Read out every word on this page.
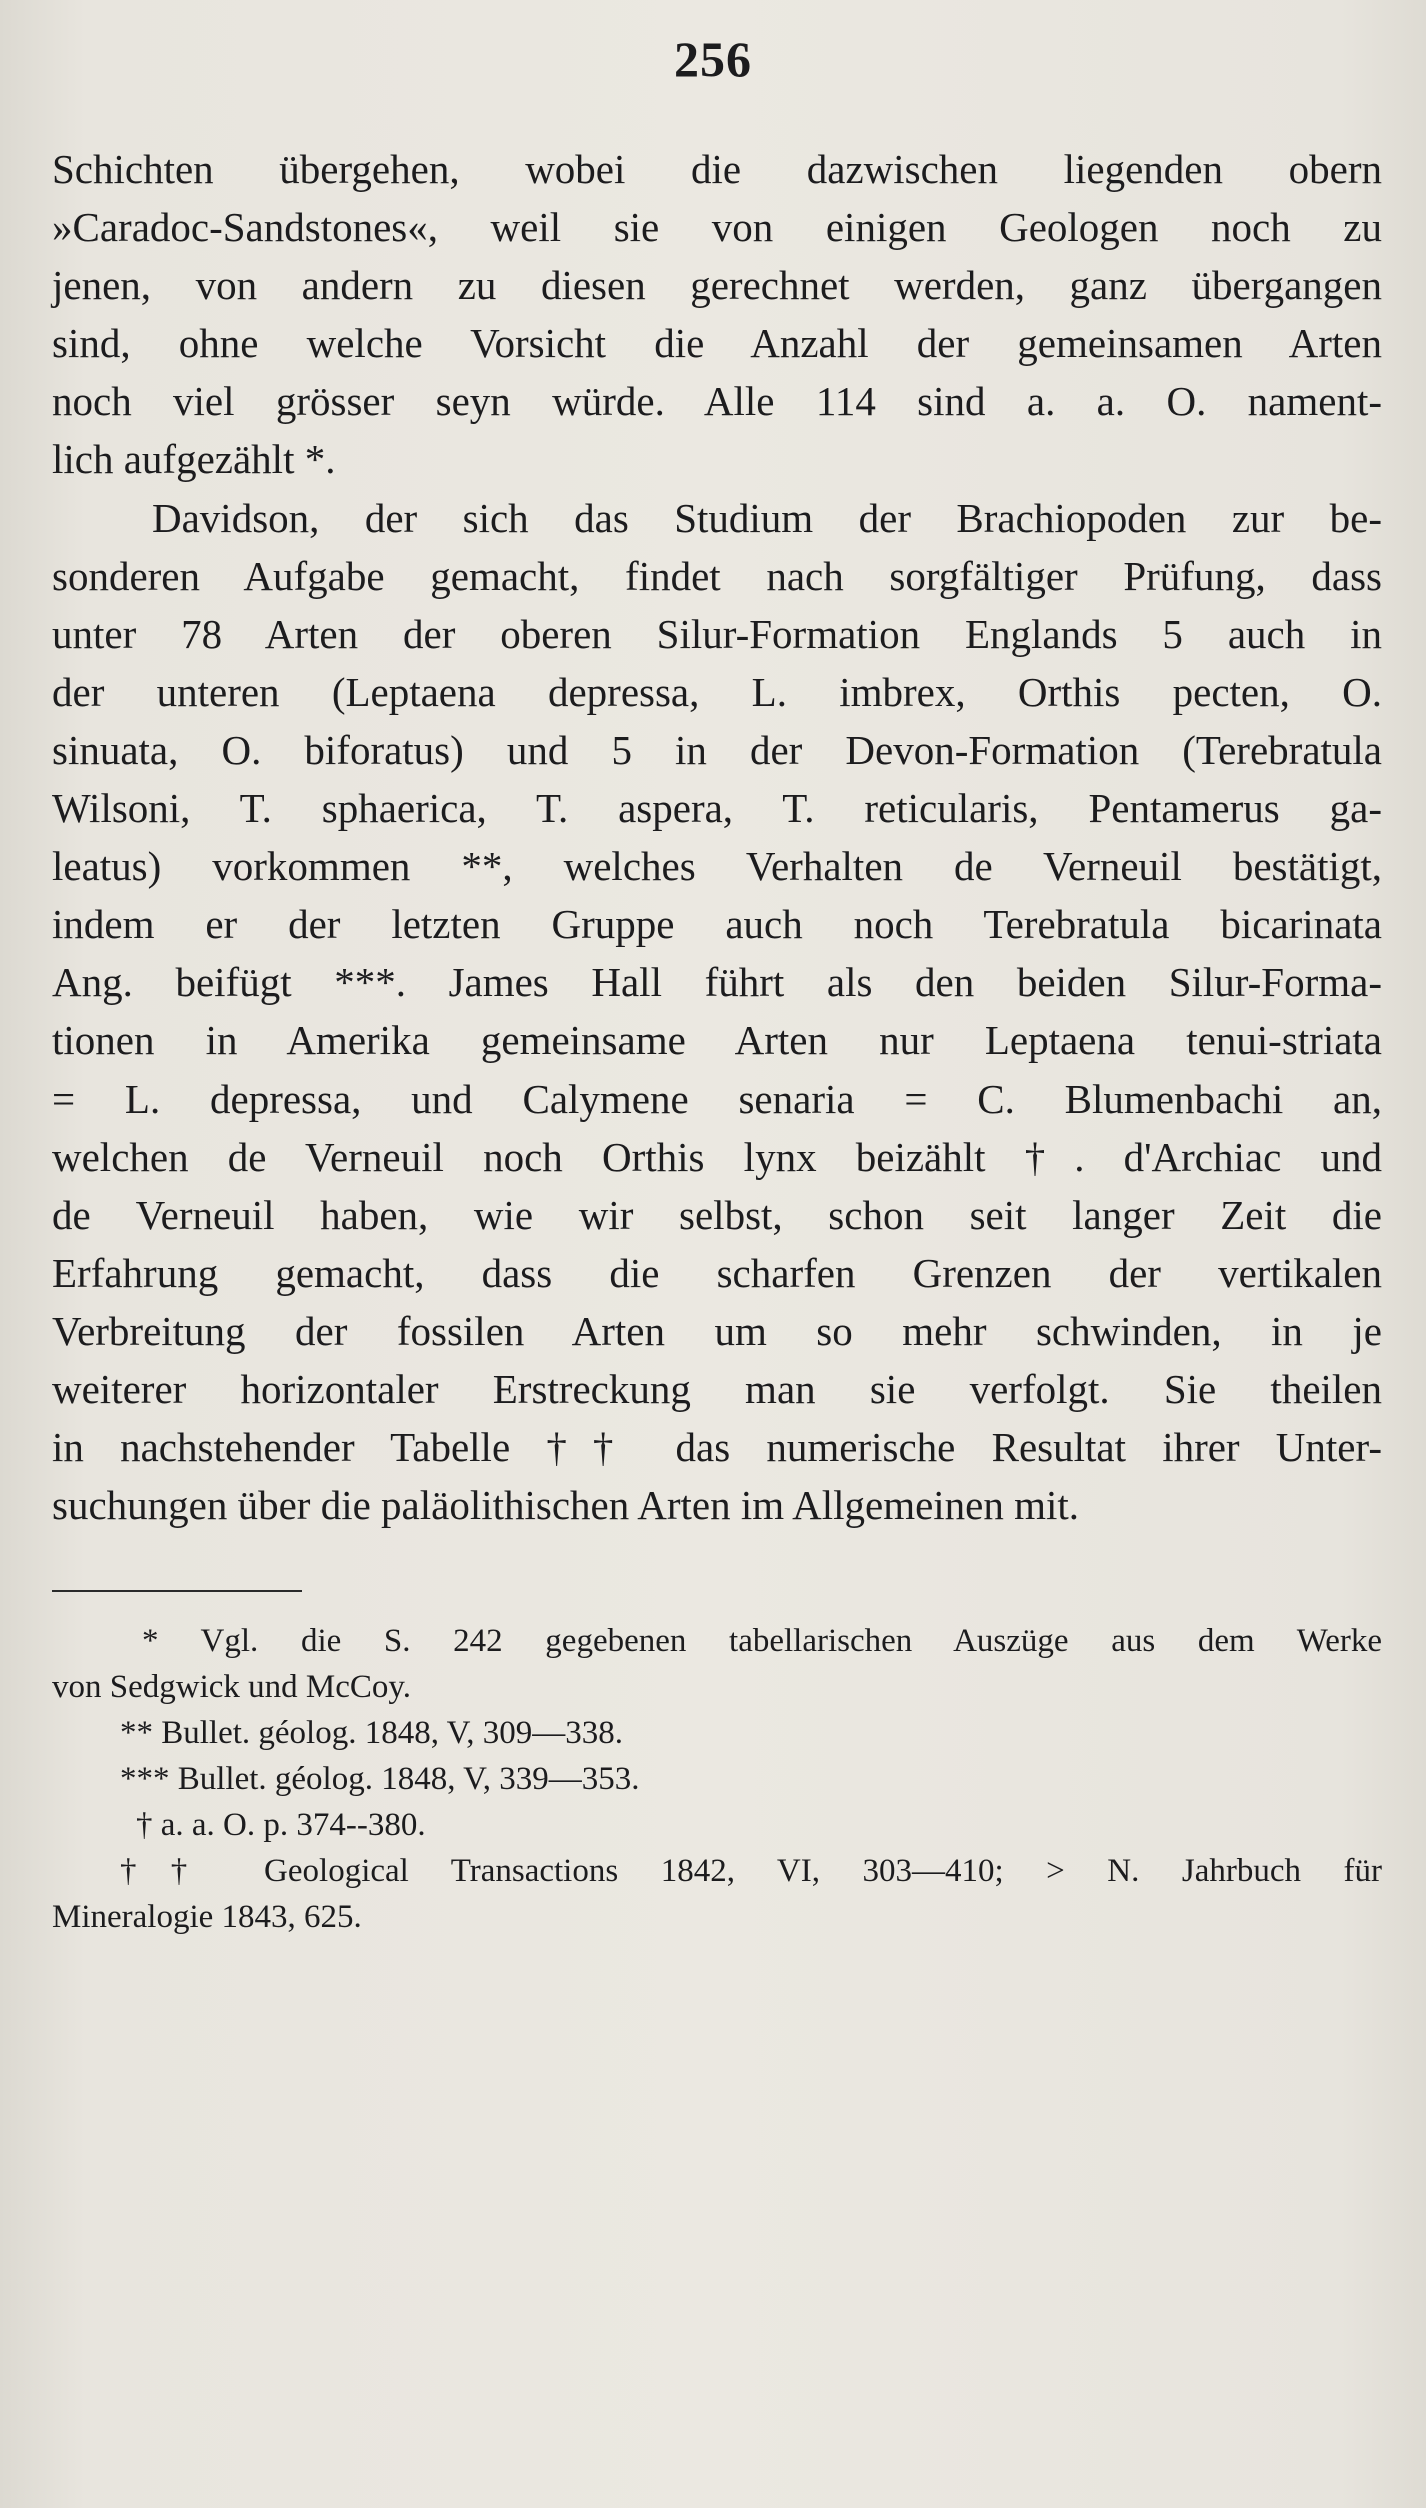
256
Schichten übergehen, wobei die dazwischen liegenden obern
»Caradoc-Sandstones«, weil sie von einigen Geologen noch zu
jenen, von andern zu diesen gerechnet werden, ganz übergangen
sind, ohne welche Vorsicht die Anzahl der gemeinsamen Arten
noch viel grösser seyn würde. Alle 114 sind a. a. O. nament-
lich aufgezählt *.
Davidson, der sich das Studium der Brachiopoden zur be-
sonderen Aufgabe gemacht, findet nach sorgfältiger Prüfung, dass
unter 78 Arten der oberen Silur-Formation Englands 5 auch in
der unteren (Leptaena depressa, L. imbrex, Orthis pecten, O.
sinuata, O. biforatus) und 5 in der Devon-Formation (Terebratula
Wilsoni, T. sphaerica, T. aspera, T. reticularis, Pentamerus ga-
leatus) vorkommen **, welches Verhalten de Verneuil bestätigt,
indem er der letzten Gruppe auch noch Terebratula bicarinata
Ang. beifügt ***. James Hall führt als den beiden Silur-Forma-
tionen in Amerika gemeinsame Arten nur Leptaena tenui-striata
= L. depressa, und Calymene senaria = C. Blumenbachi an,
welchen de Verneuil noch Orthis lynx beizählt †. d'Archiac und
de Verneuil haben, wie wir selbst, schon seit langer Zeit die
Erfahrung gemacht, dass die scharfen Grenzen der vertikalen
Verbreitung der fossilen Arten um so mehr schwinden, in je
weiterer horizontaler Erstreckung man sie verfolgt. Sie theilen
in nachstehender Tabelle †† das numerische Resultat ihrer Unter-
suchungen über die paläolithischen Arten im Allgemeinen mit.
* Vgl. die S. 242 gegebenen tabellarischen Auszüge aus dem Werke
von Sedgwick und McCoy.
** Bullet. géolog. 1848, V, 309—338.
*** Bullet. géolog. 1848, V, 339—353.
† a. a. O. p. 374--380.
†† Geological Transactions 1842, VI, 303—410; > N. Jahrbuch für
Mineralogie 1843, 625.
